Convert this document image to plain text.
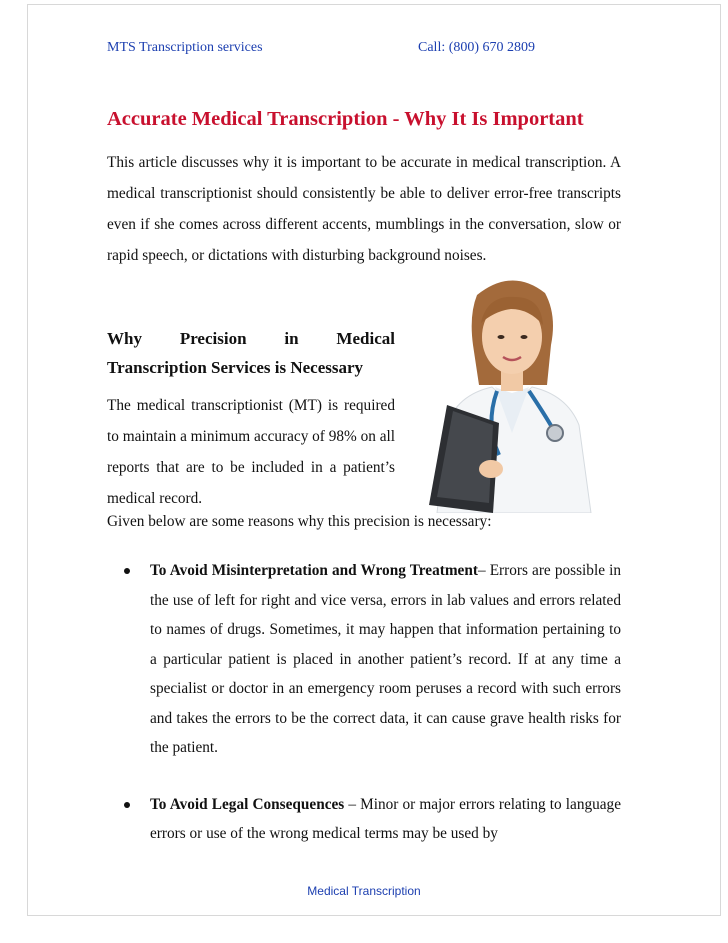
MTS Transcription services	Call: (800) 670 2809
Accurate Medical Transcription - Why It Is Important

This article discusses why it is important to be accurate in medical transcription. A medical transcriptionist should consistently be able to deliver error-free transcripts even if she comes across different accents, mumblings in the conversation, slow or rapid speech, or dictations with disturbing background noises.

Why Precision in Medical
Transcription Services is Necessary

The medical transcriptionist (MT) is required to maintain a minimum accuracy of 98% on all reports that are to be included in a patient’s medical record.

Given below are some reasons why this precision is necessary:

To Avoid Misinterpretation and Wrong Treatment– Errors are possible in the use of left for right and vice versa, errors in lab values and errors related to names of drugs. Sometimes, it may happen that information pertaining to a particular patient is placed in another patient’s record. If at any time a specialist or doctor in an emergency room peruses a record with such errors and takes the errors to be the correct data, it can cause grave health risks for the patient.
To Avoid Legal Consequences – Minor or major errors relating to language errors or use of the wrong medical terms may be used by
Medical Transcription
